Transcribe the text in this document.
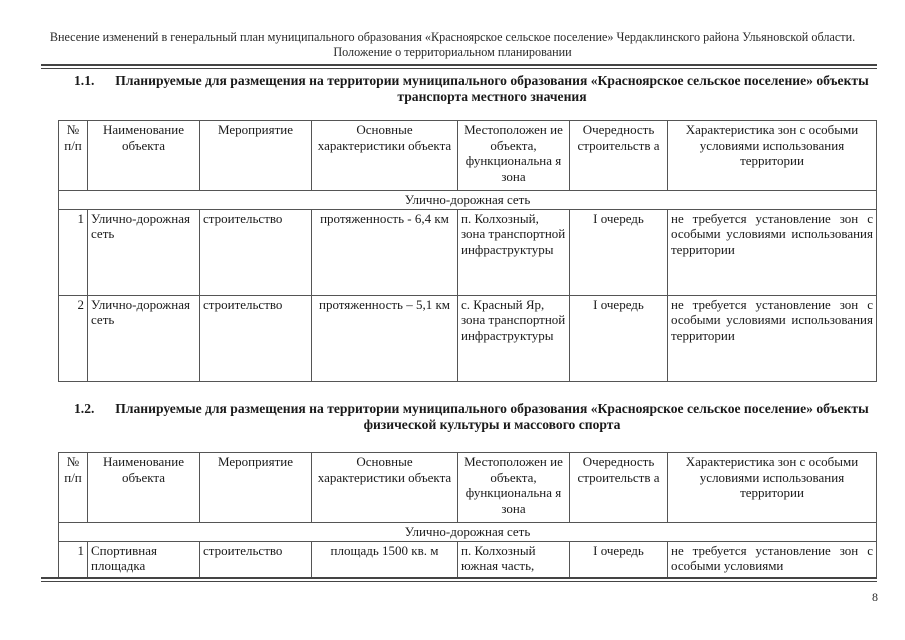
Внесение изменений в генеральный план муниципального образования «Красноярское сельское поселение» Чердаклинского района Ульяновской области. Положение о территориальном планировании
1.1.	Планируемые для размещения на территории муниципального образования «Красноярское сельское поселение» объекты транспорта местного значения
№ п/п	Наименование объекта	Мероприятие	Основные характеристики объекта	Местоположен ие объекта, функциональна я зона	Очередность строительств а	Характеристика зон с особыми условиями использования территории
Улично-дорожная сеть						
1	Улично-дорожная сеть	строительство	протяженность - 6,4 км	п. Колхозный, зона транспортной инфраструктуры	I очередь	не требуется установление зон с особыми условиями использования территории
2	Улично-дорожная сеть	строительство	протяженность – 5,1 км	с. Красный Яр, зона транспортной инфраструктуры	I очередь	не требуется установление зон с особыми условиями использования территории
1.2.	Планируемые для размещения на территории муниципального образования «Красноярское сельское поселение» объекты физической культуры и массового спорта
№ п/п	Наименование объекта	Мероприятие	Основные характеристики объекта	Местоположен ие объекта, функциональна я зона	Очередность строительств а	Характеристика зон с особыми условиями использования территории
Улично-дорожная сеть						
1	Спортивная площадка	строительство	площадь 1500 кв. м	п. Колхозный южная часть,	I очередь	не требуется установление зон с особыми условиями
8
